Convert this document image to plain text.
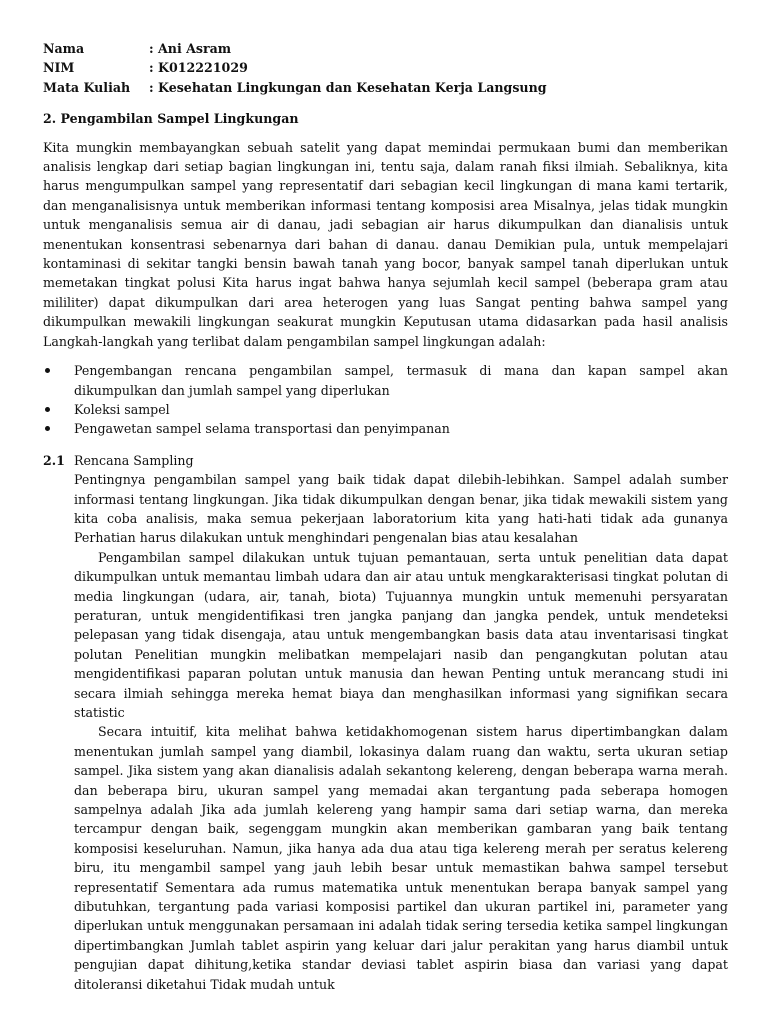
Nama	: Ani Asram
NIM	: K012221029
Mata Kuliah	: Kesehatan Lingkungan dan Kesehatan Kerja Langsung
2. Pengambilan Sampel Lingkungan

Kita mungkin membayangkan sebuah satelit yang dapat memindai permukaan bumi dan memberikan analisis lengkap dari setiap bagian lingkungan ini, tentu saja, dalam ranah fiksi ilmiah. Sebaliknya, kita harus mengumpulkan sampel yang representatif dari sebagian kecil lingkungan di mana kami tertarik, dan menganalisisnya untuk memberikan informasi tentang komposisi area Misalnya, jelas tidak mungkin untuk menganalisis semua air di danau, jadi sebagian air harus dikumpulkan dan dianalisis untuk menentukan konsentrasi sebenarnya dari bahan di danau. danau Demikian pula, untuk mempelajari kontaminasi di sekitar tangki bensin bawah tanah yang bocor, banyak sampel tanah diperlukan untuk memetakan tingkat polusi Kita harus ingat bahwa hanya sejumlah kecil sampel (beberapa gram atau mililiter) dapat dikumpulkan dari area heterogen yang luas Sangat penting bahwa sampel yang dikumpulkan mewakili lingkungan seakurat mungkin Keputusan utama didasarkan pada hasil analisis Langkah-langkah yang terlibat dalam pengambilan sampel lingkungan adalah:

Pengembangan rencana pengambilan sampel, termasuk di mana dan kapan sampel akan dikumpulkan dan jumlah sampel yang diperlukan
Koleksi sampel
Pengawetan sampel selama transportasi dan penyimpanan
2.1 Rencana Sampling

Pentingnya pengambilan sampel yang baik tidak dapat dilebih-lebihkan. Sampel adalah sumber informasi tentang lingkungan. Jika tidak dikumpulkan dengan benar, jika tidak mewakili sistem yang kita coba analisis, maka semua pekerjaan laboratorium kita yang hati-hati tidak ada gunanya Perhatian harus dilakukan untuk menghindari pengenalan bias atau kesalahan

Pengambilan sampel dilakukan untuk tujuan pemantauan, serta untuk penelitian data dapat dikumpulkan untuk memantau limbah udara dan air atau untuk mengkarakterisasi tingkat polutan di media lingkungan (udara, air, tanah, biota) Tujuannya mungkin untuk memenuhi persyaratan peraturan, untuk mengidentifikasi tren jangka panjang dan jangka pendek, untuk mendeteksi pelepasan yang tidak disengaja, atau untuk mengembangkan basis data atau inventarisasi tingkat polutan Penelitian mungkin melibatkan mempelajari nasib dan pengangkutan polutan atau mengidentifikasi paparan polutan untuk manusia dan hewan Penting untuk merancang studi ini secara ilmiah sehingga mereka hemat biaya dan menghasilkan informasi yang signifikan secara statistic

Secara intuitif, kita melihat bahwa ketidakhomogenan sistem harus dipertimbangkan dalam menentukan jumlah sampel yang diambil, lokasinya dalam ruang dan waktu, serta ukuran setiap sampel. Jika sistem yang akan dianalisis adalah sekantong kelereng, dengan beberapa warna merah. dan beberapa biru, ukuran sampel yang memadai akan tergantung pada seberapa homogen sampelnya adalah Jika ada jumlah kelereng yang hampir sama dari setiap warna, dan mereka tercampur dengan baik, segenggam mungkin akan memberikan gambaran yang baik tentang komposisi keseluruhan. Namun, jika hanya ada dua atau tiga kelereng merah per seratus kelereng biru, itu mengambil sampel yang jauh lebih besar untuk memastikan bahwa sampel tersebut representatif Sementara ada rumus matematika untuk menentukan berapa banyak sampel yang dibutuhkan, tergantung pada variasi komposisi partikel dan ukuran partikel ini, parameter yang diperlukan untuk menggunakan persamaan ini adalah tidak sering tersedia ketika sampel lingkungan dipertimbangkan Jumlah tablet aspirin yang keluar dari jalur perakitan yang harus diambil untuk pengujian dapat dihitung,ketika standar deviasi tablet aspirin biasa dan variasi yang dapat ditoleransi diketahui Tidak mudah untuk
